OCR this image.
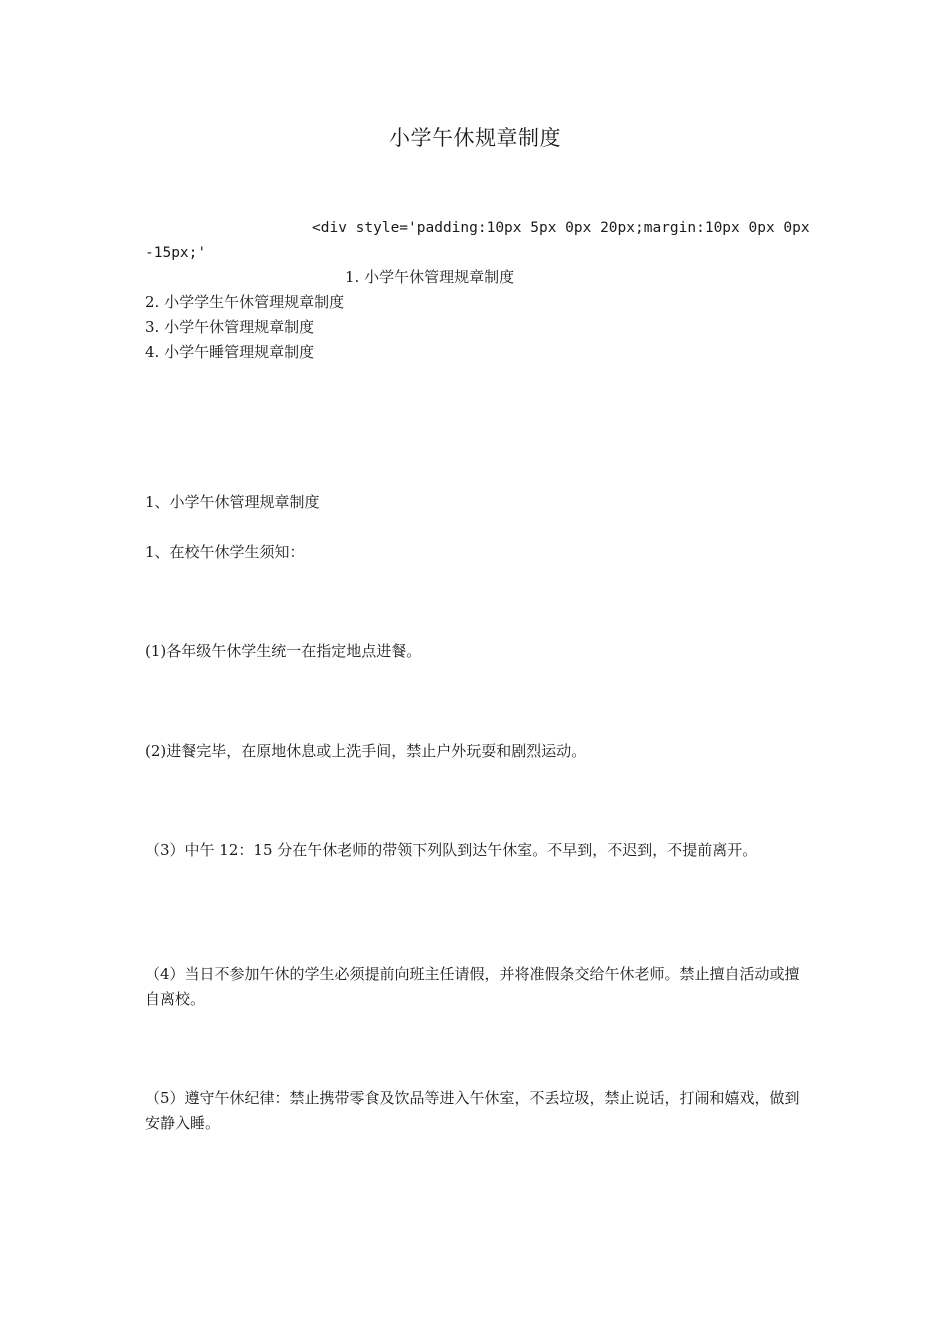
小学午休规章制度
<div style='padding:10px 5px 0px 20px;margin:10px 0px 0px
-15px;'
1. 小学午休管理规章制度
2. 小学学生午休管理规章制度
3. 小学午休管理规章制度
4. 小学午睡管理规章制度
1、小学午休管理规章制度
1、在校午休学生须知：
(1)各年级午休学生统一在指定地点进餐。
(2)进餐完毕，在原地休息或上洗手间，禁止户外玩耍和剧烈运动。
（3）中午 12：15 分在午休老师的带领下列队到达午休室。不早到，不迟到，不提前离开。
（4）当日不参加午休的学生必须提前向班主任请假，并将准假条交给午休老师。禁止擅自活动或擅自离校。
（5）遵守午休纪律：禁止携带零食及饮品等进入午休室，不丢垃圾，禁止说话，打闹和嬉戏，做到安静入睡。
